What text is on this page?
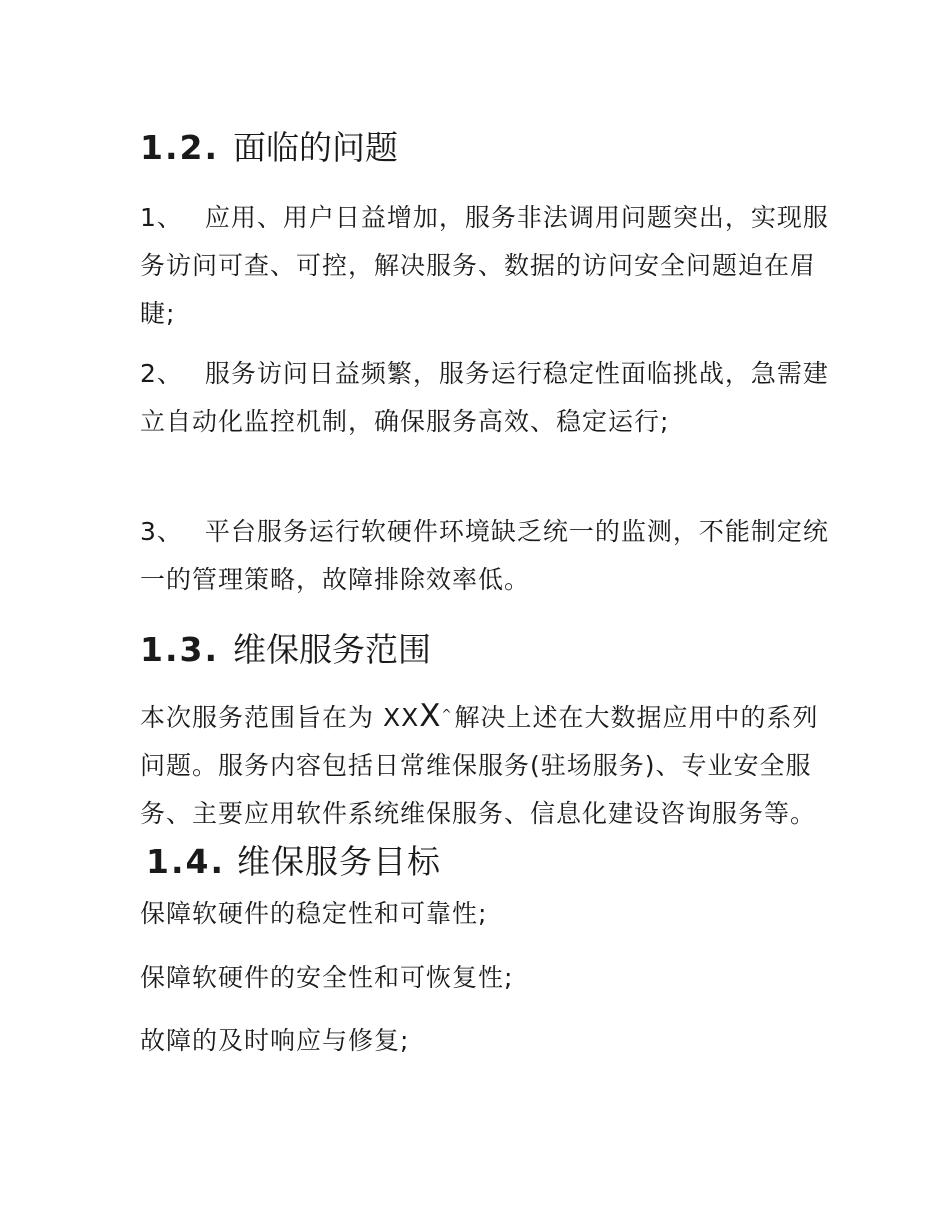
1.2. 面临的问题
1、 应用、用户日益增加，服务非法调用问题突出，实现服务访问可查、可控，解决服务、数据的访问安全问题迫在眉睫;
2、 服务访问日益频繁，服务运行稳定性面临挑战，急需建立自动化监控机制，确保服务高效、稳定运行;
3、 平台服务运行软硬件环境缺乏统一的监测，不能制定统一的管理策略，故障排除效率低。
1.3. 维保服务范围
本次服务范围旨在为 XXX^解决上述在大数据应用中的系列问题。服务内容包括日常维保服务(驻场服务)、专业安全服务、主要应用软件系统维保服务、信息化建设咨询服务等。1.4. 维保服务目标
保障软硬件的稳定性和可靠性;
保障软硬件的安全性和可恢复性;
故障的及时响应与修复;
